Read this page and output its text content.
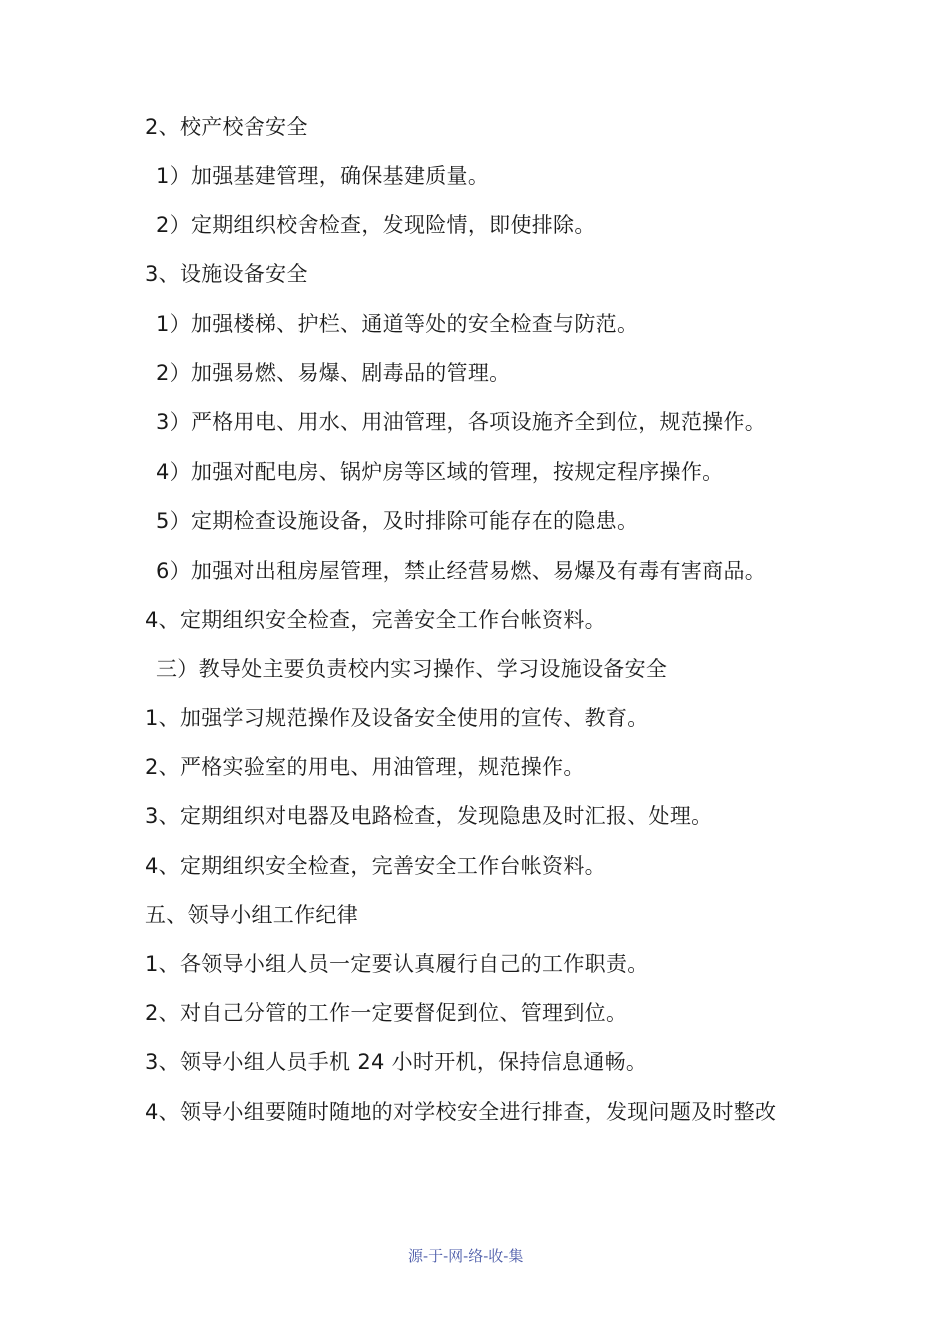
2、校产校舍安全
1）加强基建管理，确保基建质量。
2）定期组织校舍检查，发现险情，即使排除。
3、设施设备安全
1）加强楼梯、护栏、通道等处的安全检查与防范。
2）加强易燃、易爆、剧毒品的管理。
3）严格用电、用水、用油管理，各项设施齐全到位，规范操作。
4）加强对配电房、锅炉房等区域的管理，按规定程序操作。
5）定期检查设施设备，及时排除可能存在的隐患。
6）加强对出租房屋管理，禁止经营易燃、易爆及有毒有害商品。
4、定期组织安全检查，完善安全工作台帐资料。
三）教导处主要负责校内实习操作、学习设施设备安全
1、加强学习规范操作及设备安全使用的宣传、教育。
2、严格实验室的用电、用油管理，规范操作。
3、定期组织对电器及电路检查，发现隐患及时汇报、处理。
4、定期组织安全检查，完善安全工作台帐资料。
五、领导小组工作纪律
1、各领导小组人员一定要认真履行自己的工作职责。
2、对自己分管的工作一定要督促到位、管理到位。
3、领导小组人员手机 24 小时开机，保持信息通畅。
4、领导小组要随时随地的对学校安全进行排查，发现问题及时整改
源-于-网-络-收-集
